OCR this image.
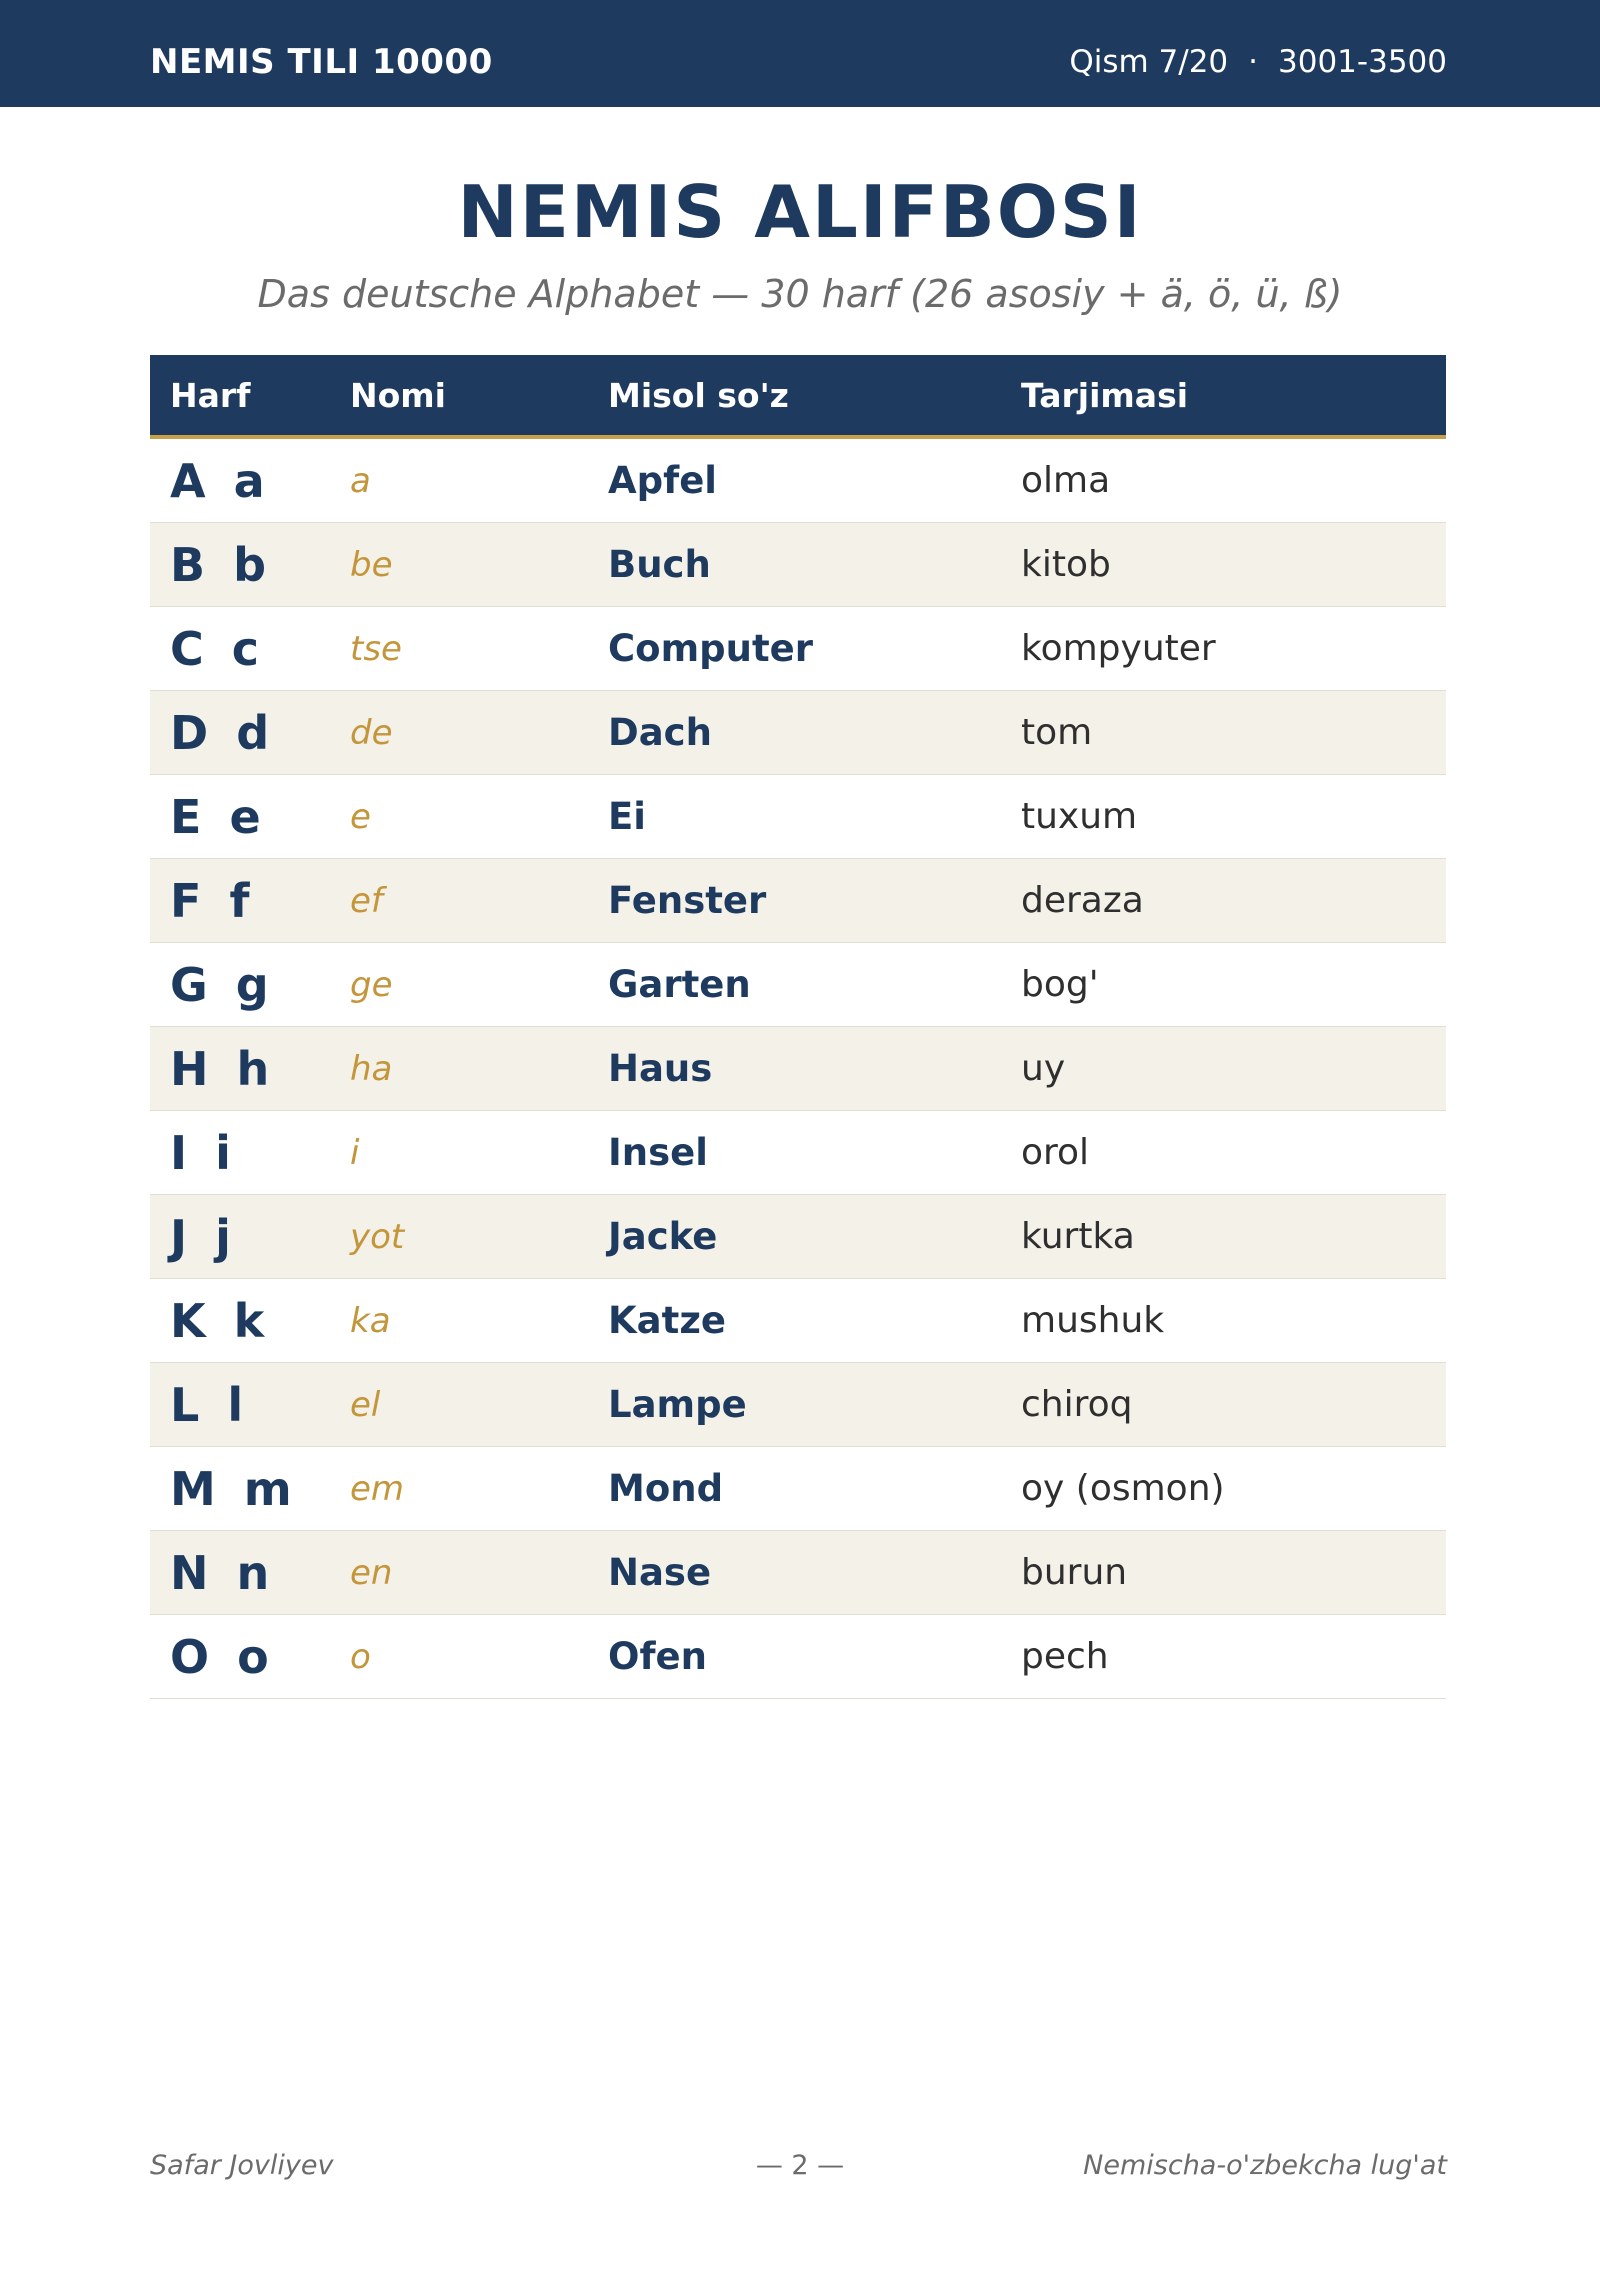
NEMIS TILI 10000	Qism 7/20 · 3001-3500
NEMIS ALIFBOSI
Das deutsche Alphabet — 30 harf (26 asosiy + ä, ö, ü, ß)
Harf	Nomi	Misol so'z	Tarjimasi
A a	a	Apfel	olma
B b	be	Buch	kitob
C c	tse	Computer	kompyuter
D d	de	Dach	tom
E e	e	Ei	tuxum
F f	ef	Fenster	deraza
G g	ge	Garten	bog'
H h	ha	Haus	uy
I i	i	Insel	orol
J j	yot	Jacke	kurtka
K k	ka	Katze	mushuk
L l	el	Lampe	chiroq
M m	em	Mond	oy (osmon)
N n	en	Nase	burun
O o	o	Ofen	pech
Safar Jovliyev	— 2 —	Nemischa-o'zbekcha lug'at
